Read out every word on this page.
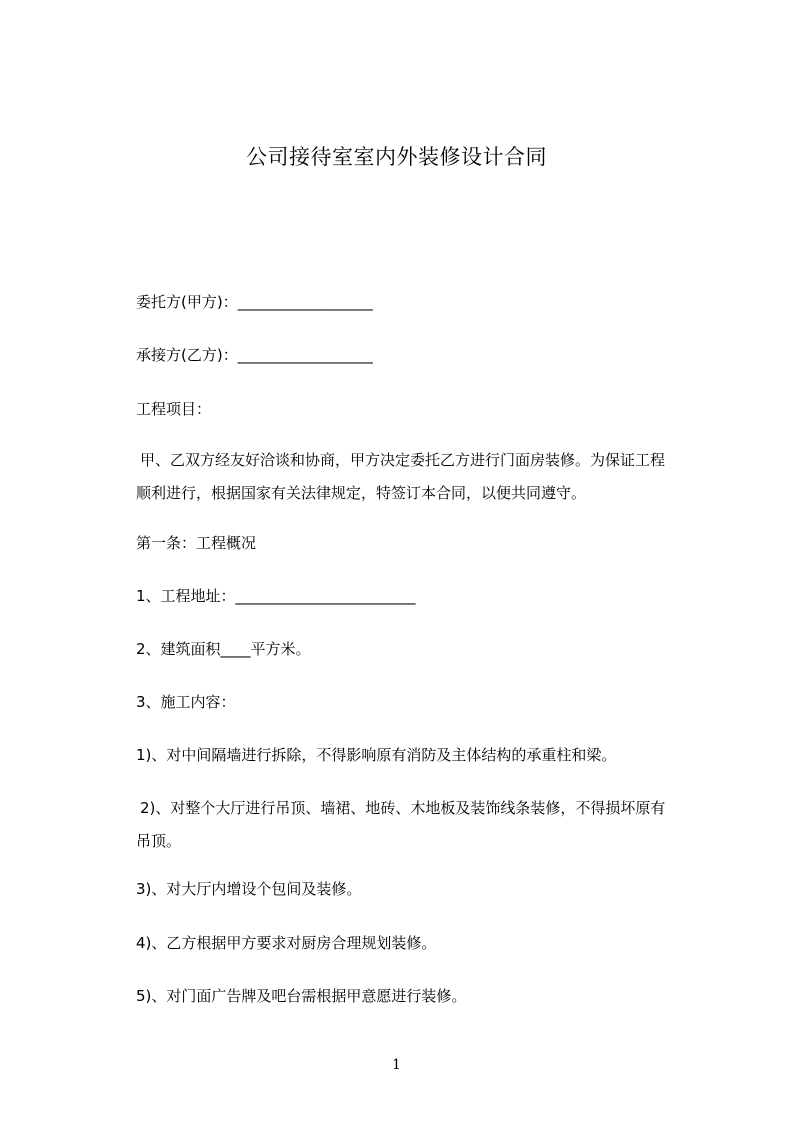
公司接待室室内外装修设计合同
委托方(甲方)：__________________
承接方(乙方)：__________________
工程项目：
甲、乙双方经友好洽谈和协商，甲方决定委托乙方进行门面房装修。为保证工程
顺利进行，根据国家有关法律规定，特签订本合同，以便共同遵守。
第一条：工程概况
1、工程地址：________________________
2、建筑面积____平方米。
3、施工内容：
1)、对中间隔墙进行拆除，不得影响原有消防及主体结构的承重柱和梁。
2)、对整个大厅进行吊顶、墙裙、地砖、木地板及装饰线条装修，不得损坏原有
吊顶。
3)、对大厅内增设个包间及装修。
4)、乙方根据甲方要求对厨房合理规划装修。
5)、对门面广告牌及吧台需根据甲意愿进行装修。
1
